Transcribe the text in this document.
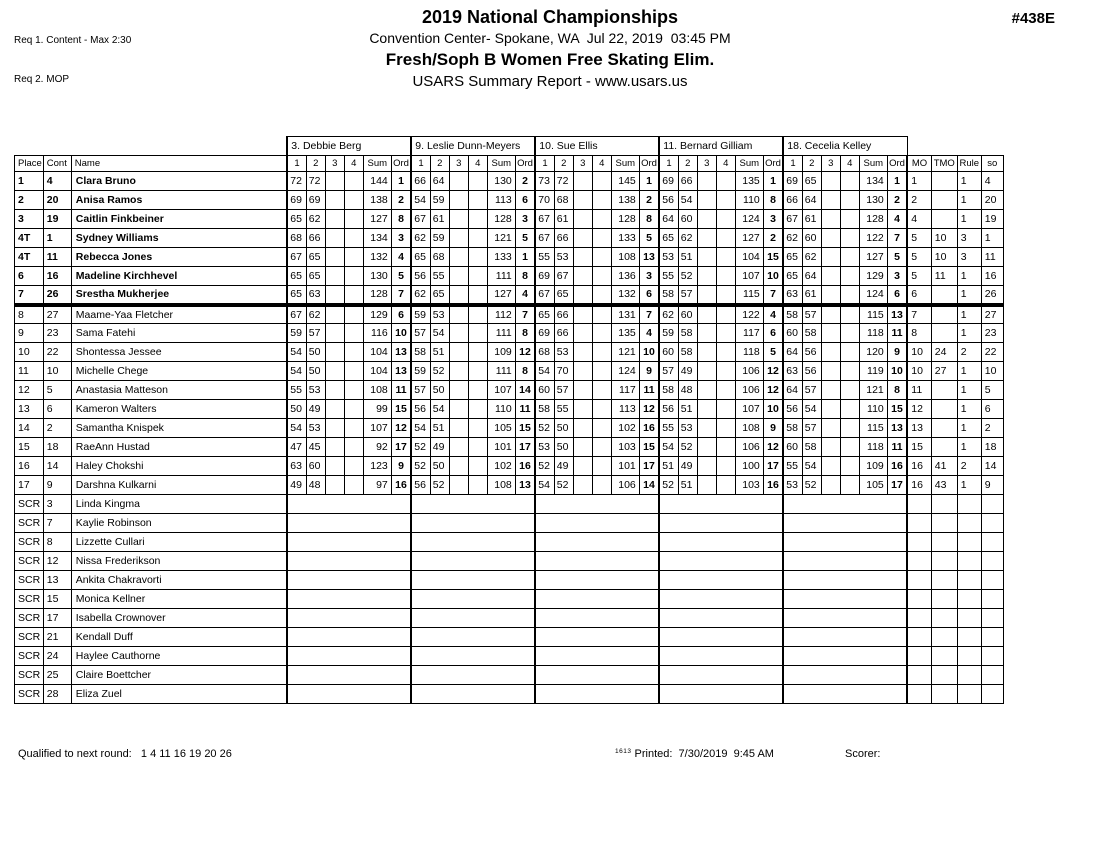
Req 1. Content - Max 2:30

Req 2. MOP

2019 National Championships
Convention Center- Spokane, WA  Jul 22, 2019  03:45 PM
Fresh/Soph B Women Free Skating Elim.
USARS Summary Report - www.usars.us
#438E
			3. Debbie Berg						9. Leslie Dunn-Meyers						10. Sue Ellis						11. Bernard Gilliam						18. Cecelia Kelley									
Place	Cont	Name	1	2	3	4	Sum	Ord	1	2	3	4	Sum	Ord	1	2	3	4	Sum	Ord	1	2	3	4	Sum	Ord	1	2	3	4	Sum	Ord	MO	TMO	Rule	so
1	4	Clara Bruno	72	72			144	1	66	64			130	2	73	72			145	1	69	66			135	1	69	65			134	1	1		1	4
2	20	Anisa Ramos	69	69			138	2	54	59			113	6	70	68			138	2	56	54			110	8	66	64			130	2	2		1	20
3	19	Caitlin Finkbeiner	65	62			127	8	67	61			128	3	67	61			128	8	64	60			124	3	67	61			128	4	4		1	19
4T	1	Sydney Williams	68	66			134	3	62	59			121	5	67	66			133	5	65	62			127	2	62	60			122	7	5	10	3	1
4T	11	Rebecca Jones	67	65			132	4	65	68			133	1	55	53			108	13	53	51			104	15	65	62			127	5	5	10	3	11
6	16	Madeline Kirchhevel	65	65			130	5	56	55			111	8	69	67			136	3	55	52			107	10	65	64			129	3	5	11	1	16
7	26	Srestha Mukherjee	65	63			128	7	62	65			127	4	67	65			132	6	58	57			115	7	63	61			124	6	6		1	26
8	27	Maame-Yaa Fletcher	67	62			129	6	59	53			112	7	65	66			131	7	62	60			122	4	58	57			115	13	7		1	27
9	23	Sama Fatehi	59	57			116	10	57	54			111	8	69	66			135	4	59	58			117	6	60	58			118	11	8		1	23
10	22	Shontessa Jessee	54	50			104	13	58	51			109	12	68	53			121	10	60	58			118	5	64	56			120	9	10	24	2	22
11	10	Michelle Chege	54	50			104	13	59	52			111	8	54	70			124	9	57	49			106	12	63	56			119	10	10	27	1	10
12	5	Anastasia Matteson	55	53			108	11	57	50			107	14	60	57			117	11	58	48			106	12	64	57			121	8	11		1	5
13	6	Kameron Walters	50	49			99	15	56	54			110	11	58	55			113	12	56	51			107	10	56	54			110	15	12		1	6
14	2	Samantha Knispek	54	53			107	12	54	51			105	15	52	50			102	16	55	53			108	9	58	57			115	13	13		1	2
15	18	RaeAnn Hustad	47	45			92	17	52	49			101	17	53	50			103	15	54	52			106	12	60	58			118	11	15		1	18
16	14	Haley Chokshi	63	60			123	9	52	50			102	16	52	49			101	17	51	49			100	17	55	54			109	16	16	41	2	14
17	9	Darshna Kulkarni	49	48			97	16	56	52			108	13	54	52			106	14	52	51			103	16	53	52			105	17	16	43	1	9
SCR	3	Linda Kingma																																		
SCR	7	Kaylie Robinson																																		
SCR	8	Lizzette Cullari																																		
SCR	12	Nissa Frederikson																																		
SCR	13	Ankita Chakravorti																																		
SCR	15	Monica Kellner																																		
SCR	17	Isabella Crownover																																		
SCR	21	Kendall Duff																																		
SCR	24	Haylee Cauthorne																																		
SCR	25	Claire Boettcher																																		
SCR	28	Eliza Zuel																																		
Qualified to next round:   1 4 11 16 19 20 26	$^{1613}$ Printed:  7/30/2019  9:45 AM	Scorer:
